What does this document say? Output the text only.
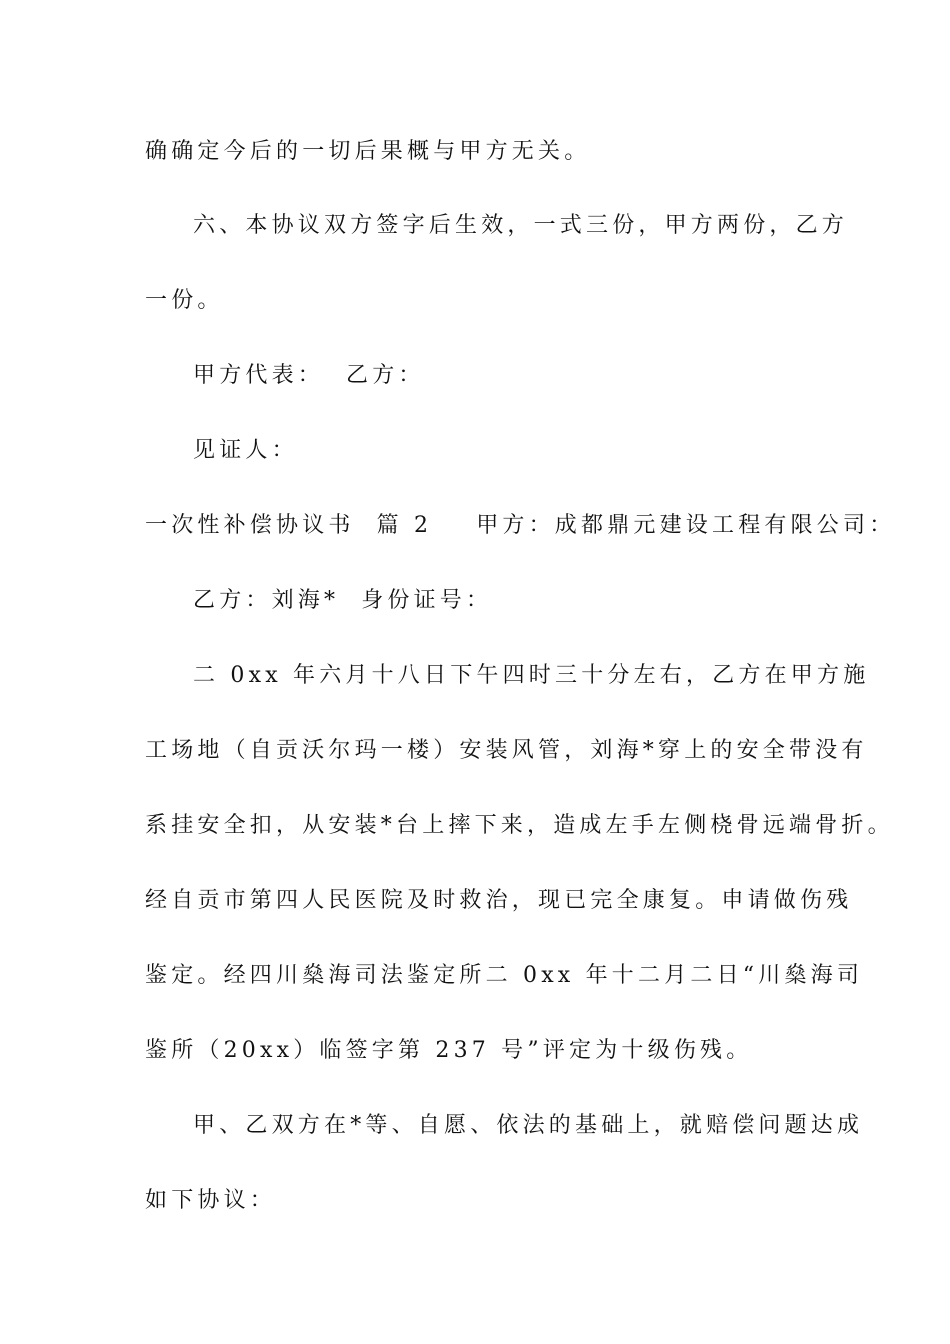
确确定今后的一切后果概与甲方无关。
六、本协议双方签字后生效，一式三份，甲方两份，乙方
一份。
甲方代表： 乙方：
见证人：
一次性补偿协议书 篇 2 甲方：成都鼎元建设工程有限公司：
乙方：刘海* 身份证号：
二 0xx 年六月十八日下午四时三十分左右，乙方在甲方施
工场地（自贡沃尔玛一楼）安装风管，刘海*穿上的安全带没有
系挂安全扣，从安装*台上摔下来，造成左手左侧桡骨远端骨折。
经自贡市第四人民医院及时救治，现已完全康复。申请做伤残
鉴定。经四川燊海司法鉴定所二 0xx 年十二月二日“川燊海司
鉴所（20xx）临签字第 237 号”评定为十级伤残。
甲、乙双方在*等、自愿、依法的基础上，就赔偿问题达成
如下协议：
